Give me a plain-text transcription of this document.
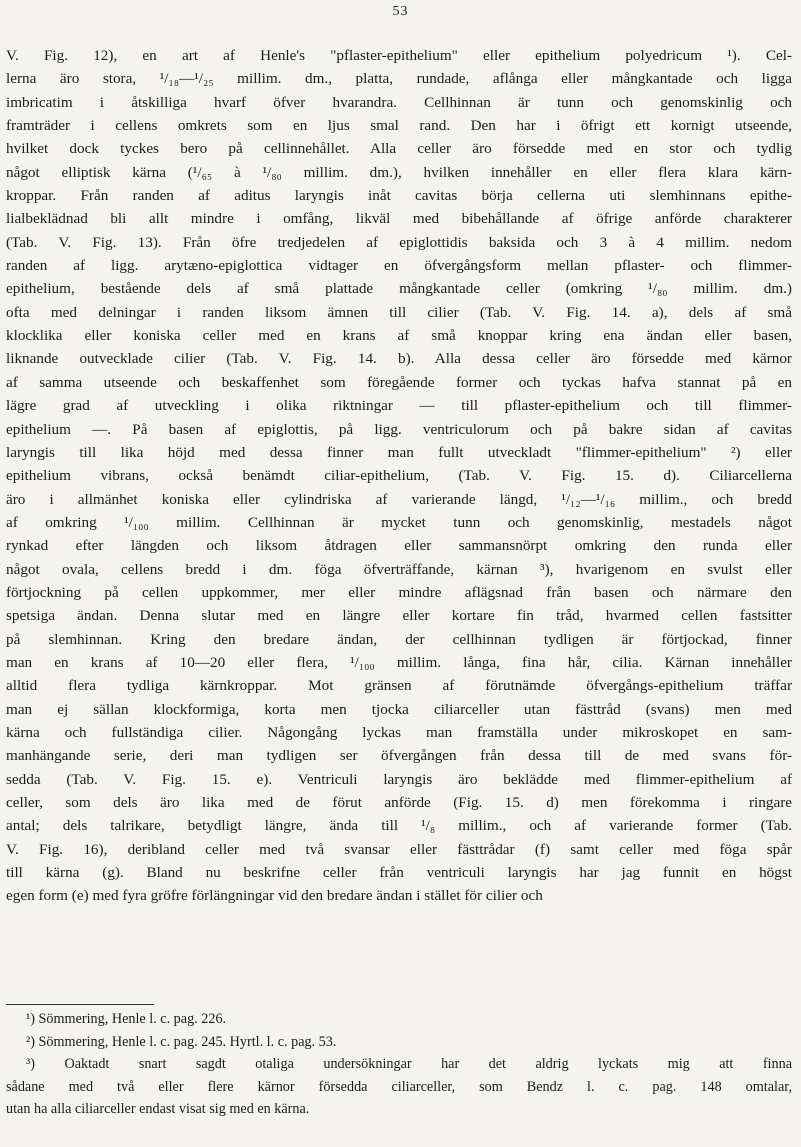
53
V. Fig. 12), en art af Henle's "pflaster-epithelium" eller epithelium polyedricum ¹). Cel-
lerna äro stora, ¹/₁₈—¹/₂₅ millim. dm., platta, rundade, aflånga eller mångkantade och ligga
imbricatim i åtskilliga hvarf öfver hvarandra. Cellhinnan är tunn och genomskinlig och
framträder i cellens omkrets som en ljus smal rand. Den har i öfrigt ett kornigt utseende,
hvilket dock tyckes bero på cellinnehållet. Alla celler äro försedde med en stor och tydlig
något elliptisk kärna (¹/₆₅ à ¹/₈₀ millim. dm.), hvilken innehåller en eller flera klara kärn-
kroppar. Från randen af aditus laryngis inåt cavitas börja cellerna uti slemhinnans epithe-
lialbeklädnad bli allt mindre i omfång, likväl med bibehållande af öfrige anförde charakterer
(Tab. V. Fig. 13). Från öfre tredjedelen af epiglottidis baksida och 3 à 4 millim. nedom
randen af ligg. arytæno-epiglottica vidtager en öfvergångsform mellan pflaster- och flimmer-
epithelium, bestående dels af små plattade mångkantade celler (omkring ¹/₈₀ millim. dm.)
ofta med delningar i randen liksom ämnen till cilier (Tab. V. Fig. 14. a), dels af små
klocklika eller koniska celler med en krans af små knoppar kring ena ändan eller basen,
liknande outvecklade cilier (Tab. V. Fig. 14. b). Alla dessa celler äro försedde med kärnor
af samma utseende och beskaffenhet som föregående former och tyckas hafva stannat på en
lägre grad af utveckling i olika riktningar — till pflaster-epithelium och till flimmer-
epithelium —. På basen af epiglottis, på ligg. ventriculorum och på bakre sidan af cavitas
laryngis till lika höjd med dessa finner man fullt utveckladt "flimmer-epithelium" ²) eller
epithelium vibrans, också benämdt ciliar-epithelium, (Tab. V. Fig. 15. d). Ciliarcellerna
äro i allmänhet koniska eller cylindriska af varierande längd, ¹/₁₂—¹/₁₆ millim., och bredd
af omkring ¹/₁₀₀ millim. Cellhinnan är mycket tunn och genomskinlig, mestadels något
rynkad efter längden och liksom åtdragen eller sammansnörpt omkring den runda eller
något ovala, cellens bredd i dm. föga öfverträffande, kärnan ³), hvarigenom en svulst eller
förtjockning på cellen uppkommer, mer eller mindre aflägsnad från basen och närmare den
spetsiga ändan. Denna slutar med en längre eller kortare fin tråd, hvarmed cellen fastsitter
på slemhinnan. Kring den bredare ändan, der cellhinnan tydligen är förtjockad, finner
man en krans af 10—20 eller flera, ¹/₁₀₀ millim. långa, fina hår, cilia. Kärnan innehåller
alltid flera tydliga kärnkroppar. Mot gränsen af förutnämde öfvergångs-epithelium träffar
man ej sällan klockformiga, korta men tjocka ciliarceller utan fästtråd (svans) men med
kärna och fullständiga cilier. Någongång lyckas man framställa under mikroskopet en sam-
manhängande serie, deri man tydligen ser öfvergången från dessa till de med svans för-
sedda (Tab. V. Fig. 15. e). Ventriculi laryngis äro beklädde med flimmer-epithelium af
celler, som dels äro lika med de förut anförde (Fig. 15. d) men förekomma i ringare
antal; dels talrikare, betydligt längre, ända till ¹/₈ millim., och af varierande former (Tab.
V. Fig. 16), deribland celler med två svansar eller fästtrådar (f) samt celler med föga spår
till kärna (g). Bland nu beskrifne celler från ventriculi laryngis har jag funnit en högst
egen form (e) med fyra gröfre förlängningar vid den bredare ändan i stället för cilier och
¹) Sömmering, Henle l. c. pag. 226.
²) Sömmering, Henle l. c. pag. 245. Hyrtl. l. c. pag. 53.
³) Oaktadt snart sagdt otaliga undersökningar har det aldrig lyckats mig att finna
sådane med två eller flere kärnor försedda ciliarceller, som Bendz l. c. pag. 148 omtalar,
utan ha alla ciliarceller endast visat sig med en kärna.
